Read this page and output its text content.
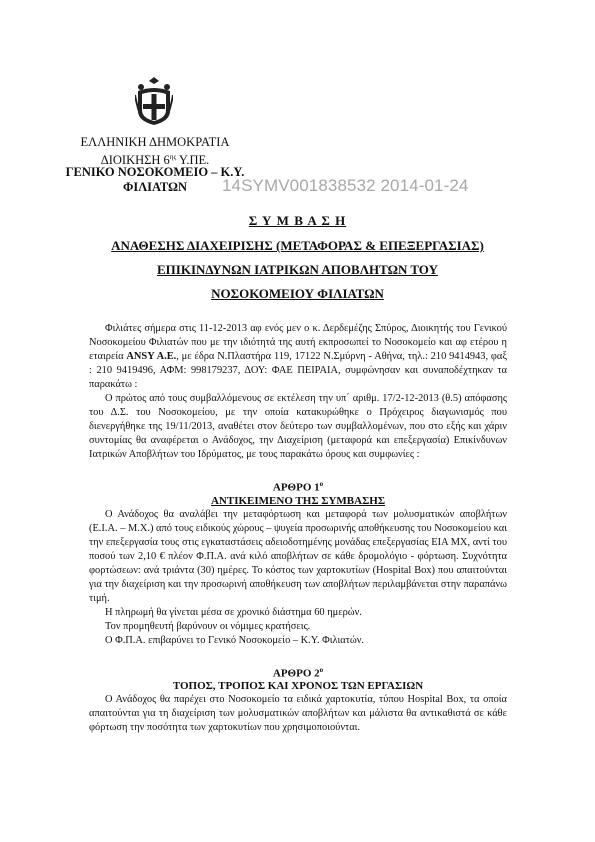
ΕΛΛΗΝΙΚΗ ΔΗΜΟΚΡΑΤΙΑ
ΔΙΟΙΚΗΣΗ $6^{\eta\varsigma}$ Υ.ΠΕ.
ΓΕΝΙΚΟ ΝΟΣΟΚΟΜΕΙΟ – Κ.Υ.
ΦΙΛΙΑΤΩΝ	14SYMV001838532 2014-01-24
Σ Υ Μ Β Α Σ Η
ΑΝΑΘΕΣΗΣ ΔΙΑΧΕΙΡΙΣΗΣ (ΜΕΤΑΦΟΡΑΣ & ΕΠΕΞΕΡΓΑΣΙΑΣ)
ΕΠΙΚΙΝΔΥΝΩΝ ΙΑΤΡΙΚΩΝ ΑΠΟΒΛΗΤΩΝ ΤΟΥ
ΝΟΣΟΚΟΜΕΙΟΥ ΦΙΛΙΑΤΩΝ

Φιλιάτες σήμερα στις 11-12-2013 αφ ενός μεν ο κ. Δερδεμέζης Σπύρος, Διοικητής του Γενικού Νοσοκομείου Φιλιατών που με την ιδιότητά της αυτή εκπροσωπεί το Νοσοκομείο και αφ ετέρου η εταιρεία ANSY A.E., με έδρα Ν.Πλαστήρα 119, 17122 Ν.Σμύρνη - Αθήνα, τηλ.: 210 9414943, φαξ : 210 9419496, ΑΦΜ: 998179237, ΔΟΥ: ΦΑΕ ΠΕΙΡΑΙΑ, συμφώνησαν και συναποδέχτηκαν τα παρακάτω :

Ο πρώτος από τους συμβαλλόμενους σε εκτέλεση την υπ΄ αριθμ. 17/2-12-2013 (θ.5) απόφασης του Δ.Σ. του Νοσοκομείου, με την οποία κατακυρώθηκε ο Πρόχειρος διαγωνισμός που διενεργήθηκε της 19/11/2013, αναθέτει στον δεύτερο των συμβαλλομένων, που στο εξής και χάριν συντομίας θα αναφέρεται ο Ανάδοχος, την Διαχείριση (μεταφορά και επεξεργασία) Επικίνδυνων Ιατρικών Αποβλήτων του Ιδρύματος, με τους παρακάτω όρους και συμφωνίες :

ΑΡΘΡΟ $1^o$

ΑΝΤΙΚΕΙΜΕΝΟ ΤΗΣ ΣΥΜΒΑΣΗΣ

Ο Ανάδοχος θα αναλάβει την μεταφόρτωση και μεταφορά των μολυσματικών αποβλήτων (Ε.Ι.Α. – Μ.Χ.) από τους ειδικούς χώρους – ψυγεία προσωρινής αποθήκευσης του Νοσοκομείου και την επεξεργασία τους στις εγκαταστάσεις αδειοδοτημένης μονάδας επεξεργασίας ΕΙΑ ΜΧ, αντί του ποσού των 2,10 € πλέον Φ.Π.Α. ανά κιλό αποβλήτων σε κάθε δρομολόγιο - φόρτωση. Συχνότητα φορτώσεων: ανά τριάντα (30) ημέρες. Το κόστος των χαρτοκυτίων (Hospital Box) που απαιτούνται για την διαχείριση και την προσωρινή αποθήκευση των αποβλήτων περιλαμβάνεται στην παραπάνω τιμή.

Η πληρωμή θα γίνεται μέσα σε χρονικό διάστημα 60 ημερών.

Τον προμηθευτή βαρύνουν οι νόμιμες κρατήσεις.

Ο Φ.Π.Α. επιβαρύνει το Γενικό Νοσοκομείο – Κ.Υ. Φιλιατών.

ΑΡΘΡΟ $2^o$

ΤΟΠΟΣ, ΤΡΟΠΟΣ ΚΑΙ ΧΡΟΝΟΣ ΤΩΝ ΕΡΓΑΣΙΩΝ

Ο Ανάδοχος θα παρέχει στο Νοσοκομείο τα ειδικά χαρτοκυτία, τύπου Hospital Box, τα οποία απαιτούνται για τη διαχείριση των μολυσματικών αποβλήτων και μάλιστα θα αντικαθιστά σε κάθε φόρτωση την ποσότητα των χαρτοκυτίων που χρησιμοποιούνται.
